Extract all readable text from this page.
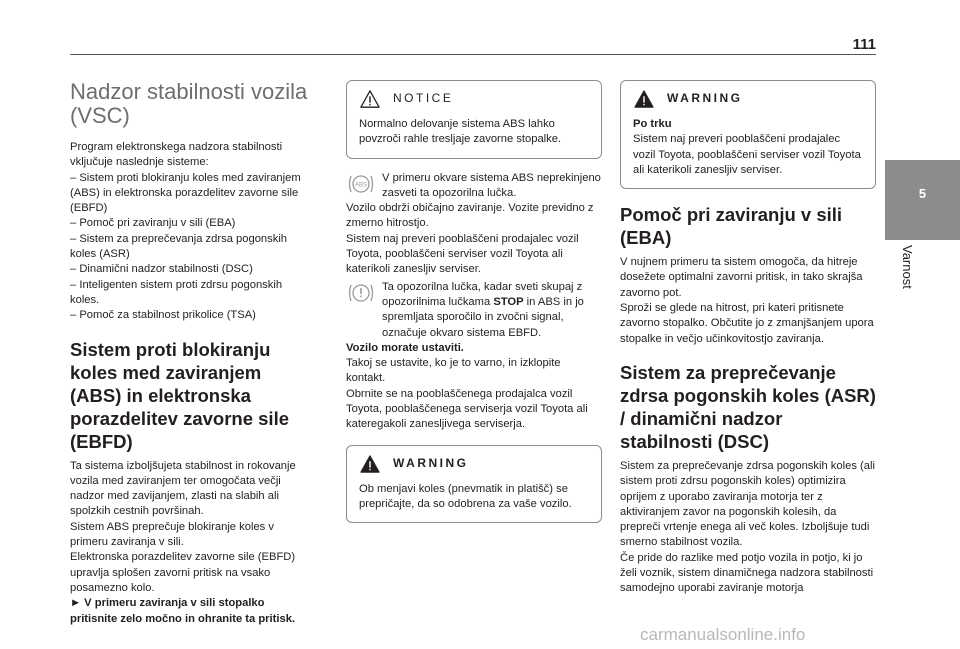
111
5
Varnost
Nadzor stabilnosti vozila (VSC)

Program elektronskega nadzora stabilnosti vključuje naslednje sisteme:

– Sistem proti blokiranju koles med zaviranjem (ABS) in elektronska porazdelitev zavorne sile (EBFD)

– Pomoč pri zaviranju v sili (EBA)

– Sistem za preprečevanja zdrsa pogonskih koles (ASR)

– Dinamični nadzor stabilnosti (DSC)

– Inteligenten sistem proti zdrsu pogonskih koles.

– Pomoč za stabilnost prikolice (TSA)

Sistem proti blokiranju koles med zaviranjem (ABS) in elektronska porazdelitev zavorne sile (EBFD)

Ta sistema izboljšujeta stabilnost in rokovanje vozila med zaviranjem ter omogočata večji nadzor med zavijanjem, zlasti na slabih ali spolzkih cestnih površinah.

Sistem ABS preprečuje blokiranje koles v primeru zaviranja v sili.

Elektronska porazdelitev zavorne sile (EBFD) upravlja splošen zavorni pritisk na vsako posamezno kolo.

► V primeru zaviranja v sili stopalko pritisnite zelo močno in ohranite ta pritisk.

NOTICE
Normalno delovanje sistema ABS lahko povzroči rahle tresljaje zavorne stopalke.
ABS

V primeru okvare sistema ABS neprekinjeno zasveti ta opozorilna lučka.

Vozilo obdrži običajno zaviranje. Vozite previdno z zmerno hitrostjo.

Sistem naj preveri pooblaščeni prodajalec vozil Toyota, pooblaščeni serviser vozil Toyota ali katerikoli zanesljiv serviser.

Ta opozorilna lučka, kadar sveti skupaj z opozorilnima lučkama STOP in ABS in jo spremljata sporočilo in zvočni signal, označuje okvaro sistema EBFD.

Vozilo morate ustaviti.

Takoj se ustavite, ko je to varno, in izklopite kontakt.

Obrnite se na pooblaščenega prodajalca vozil Toyota, pooblaščenega serviserja vozil Toyota ali kateregakoli zanesljivega serviserja.

WARNING
Ob menjavi koles (pnevmatik in platišč) se prepričajte, da so odobrena za vaše vozilo.
WARNING

Po trku

Sistem naj preveri pooblaščeni prodajalec vozil Toyota, pooblaščeni serviser vozil Toyota ali katerikoli zanesljiv serviser.

Pomoč pri zaviranju v sili (EBA)

V nujnem primeru ta sistem omogoča, da hitreje dosežete optimalni zavorni pritisk, in tako skrajša zavorno pot.

Sproži se glede na hitrost, pri kateri pritisnete zavorno stopalko. Občutite jo z zmanjšanjem upora stopalke in večjo učinkovitostjo zaviranja.

Sistem za preprečevanje zdrsa pogonskih koles (ASR) / dinamični nadzor stabilnosti (DSC)

Sistem za preprečevanje zdrsa pogonskih koles (ali sistem proti zdrsu pogonskih koles) optimizira oprijem z uporabo zaviranja motorja ter z aktiviranjem zavor na pogonskih kolesih, da prepreči vrtenje enega ali več koles. Izboljšuje tudi smerno stabilnost vozila.

Če pride do razlike med potjo vozila in potjo, ki jo želi voznik, sistem dinamičnega nadzora stabilnosti samodejno uporabi zaviranje motorja

carmanualsonline.info
